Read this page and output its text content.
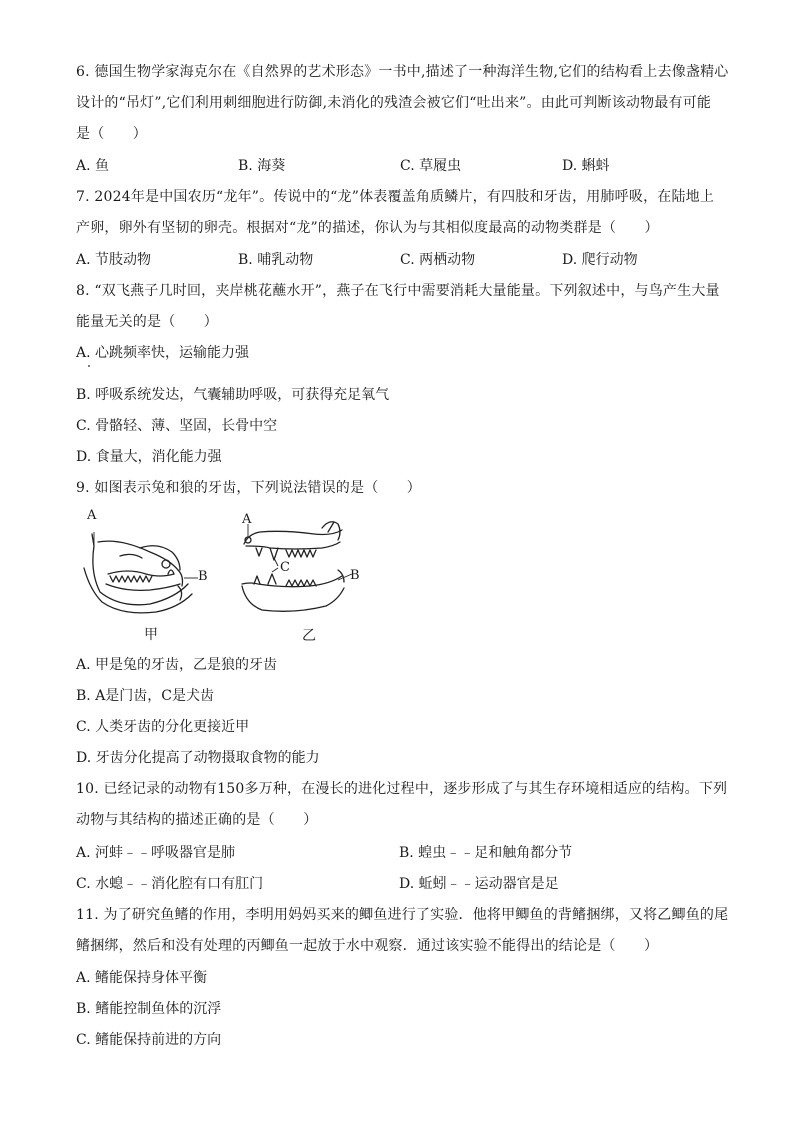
6. 德国生物学家海克尔在《自然界的艺术形态》一书中,描述了一种海洋生物,它们的结构看上去像盏精心
设计的“吊灯”,它们利用刺细胞进行防御,未消化的残渣会被它们“吐出来”。由此可判断该动物最有可能
是（　　）
A. 鱼	B. 海葵	C. 草履虫	D. 蝌蚪
7. 2024年是中国农历“龙年”。传说中的“龙”体表覆盖角质鳞片，有四肢和牙齿，用肺呼吸，在陆地上
产卵，卵外有坚韧的卵壳。根据对“龙”的描述，你认为与其相似度最高的动物类群是（　　）
A. 节肢动物	B. 哺乳动物	C. 两栖动物	D. 爬行动物
8. “双飞燕子几时回，夹岸桃花蘸水开”，燕子在飞行中需要消耗大量能量。下列叙述中，与鸟产生大量
能量无关的是（　　）
A. 心跳频率快，运输能力强
B. 呼吸系统发达，气囊辅助呼吸，可获得充足氧气
C. 骨骼轻、薄、坚固，长骨中空
D. 食量大，消化能力强
9. 如图表示兔和狼的牙齿，下列说法错误的是（　　）
A
B
甲
A
C
B
乙
A. 甲是兔的牙齿，乙是狼的牙齿
B. A是门齿，C是犬齿
C. 人类牙齿的分化更接近甲
D. 牙齿分化提高了动物摄取食物的能力
10. 已经记录的动物有150多万种，在漫长的进化过程中，逐步形成了与其生存环境相适应的结构。下列
动物与其结构的描述正确的是（　　）
A. 河蚌﹣﹣呼吸器官是肺	B. 蝗虫﹣﹣足和触角都分节
C. 水螅﹣﹣消化腔有口有肛门	D. 蚯蚓﹣﹣运动器官是足
11. 为了研究鱼鳍的作用，李明用妈妈买来的鲫鱼进行了实验．他将甲鲫鱼的背鳍捆绑，又将乙鲫鱼的尾
鳍捆绑，然后和没有处理的丙鲫鱼一起放于水中观察．通过该实验不能得出的结论是（　　）
A. 鳍能保持身体平衡
B. 鳍能控制鱼体的沉浮
C. 鳍能保持前进的方向
